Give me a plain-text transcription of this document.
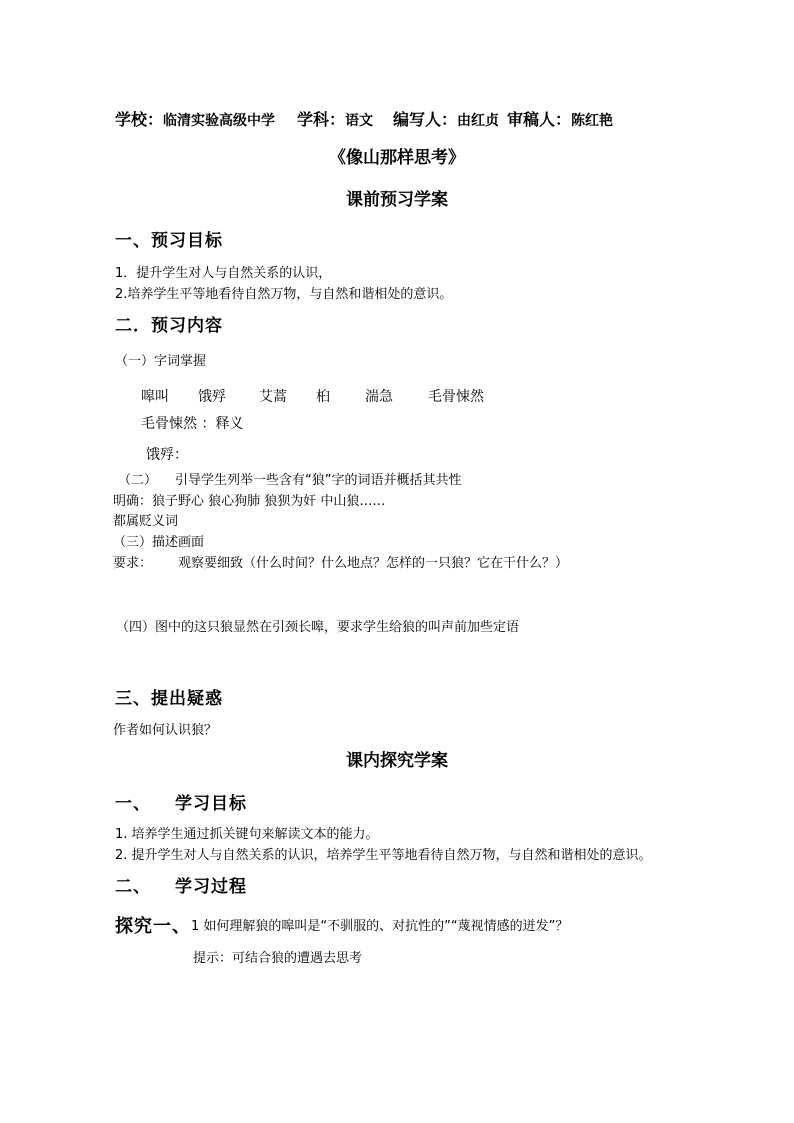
学校：临清实验高级中学 学科：语文 编写人：由红贞 审稿人：陈红艳
《像山那样思考》
课前预习学案
一、预习目标
1．提升学生对人与自然关系的认识，
2.培养学生平等地看待自然万物，与自然和谐相处的意识。
二．预习内容
（一）字词掌握
嗥叫 饿殍 艾蒿 桕	湍急	毛骨悚然
毛骨悚然 ：释义
饿殍：
（二） 引导学生列举一些含有“狼”字的词语并概括其共性
明确：狼子野心 狼心狗肺 狼狈为奸 中山狼……
都属贬义词
（三）描述画面
要求： 观察要细致（什么时间？什么地点？怎样的一只狼？它在干什么？）
（四）图中的这只狼显然在引颈长嗥，要求学生给狼的叫声前加些定语
三、提出疑惑
作者如何认识狼？
课内探究学案
一、 学习目标
1. 培养学生通过抓关键句来解读文本的能力。
2. 提升学生对人与自然关系的认识，培养学生平等地看待自然万物，与自然和谐相处的意识。
二、 学习过程
探究一、1 如何理解狼的嗥叫是“不驯服的、对抗性的”“蔑视情感的迸发”？
提示：可结合狼的遭遇去思考
